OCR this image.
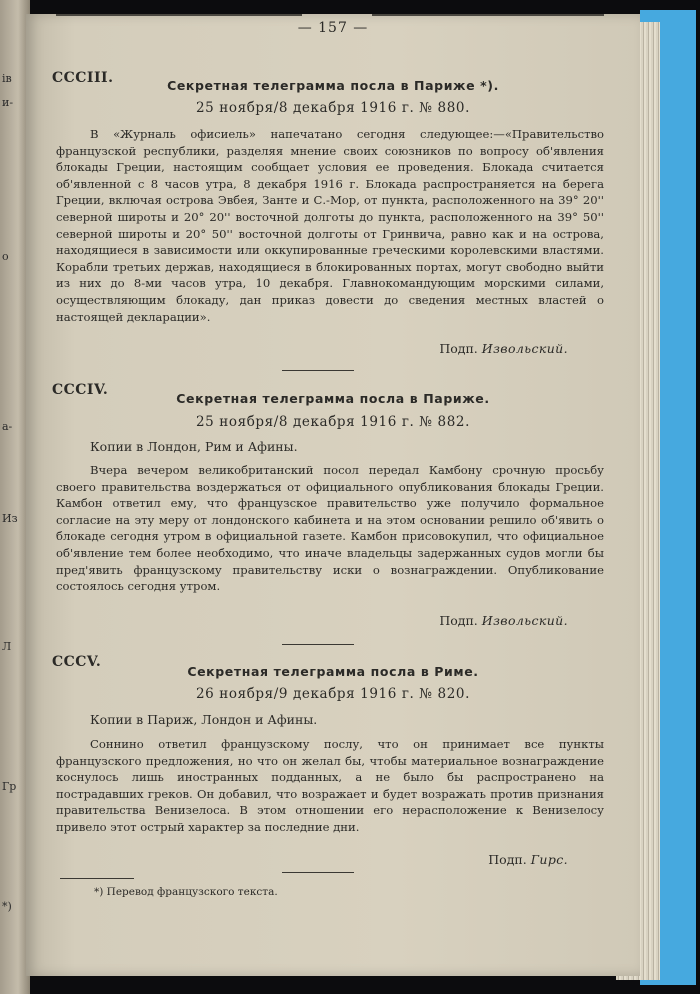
ів
и-
о
а-
Из
Л
Гр
*)
— 157 —
CCCIII.	Секретная телеграмма посла в Париже *).
25 ноября/8 декабря 1916 г. № 880.
В «Журналь офисиель» напечатано сегодня следующее:—«Правительство французской республики, разделяя мнение своих союзников по вопросу об'явления блокады Греции, настоящим сообщает условия ее проведения. Блокада считается об'явленной с 8 часов утра, 8 декабря 1916 г. Блокада распространяется на берега Греции, включая острова Эвбея, Занте и С.-Мор, от пункта, расположенного на 39° 20'' северной широты и 20° 20'' восточной долготы до пункта, расположенного на 39° 50'' северной широты и 20° 50'' восточной долготы от Гринвича, равно как и на острова, находящиеся в зависимости или оккупированные греческими королевскими властями. Корабли третьих держав, находящиеся в блокированных портах, могут свободно выйти из них до 8-ми часов утра, 10 декабря. Главнокомандующим морскими силами, осуществляющим блокаду, дан приказ довести до сведения местных властей о настоящей декларации».
Подп. Извольский.
CCCIV.
Секретная телеграмма посла в Париже.
25 ноября/8 декабря 1916 г. № 882.
Копии в Лондон, Рим и Афины.
Вчера вечером великобританский посол передал Камбону срочную просьбу своего правительства воздержаться от официального опубликования блокады Греции. Камбон ответил ему, что французское правительство уже получило формальное согласие на эту меру от лондонского кабинета и на этом основании решило об'явить о блокаде сегодня утром в официальной газете. Камбон присовокупил, что официальное об'явление тем более необходимо, что иначе владельцы задержанных судов могли бы пред'явить французскому правительству иски о вознаграждении. Опубликование состоялось сегодня утром.
Подп. Извольский.
CCCV.
Секретная телеграмма посла в Риме.
26 ноября/9 декабря 1916 г. № 820.
Копии в Париж, Лондон и Афины.
Соннино ответил французскому послу, что он принимает все пункты французского предложения, но что он желал бы, чтобы материальное вознаграждение коснулось лишь иностранных подданных, а не было бы распространено на пострадавших греков. Он добавил, что возражает и будет возражать против признания правительства Венизелоса. В этом отношении его нерасположение к Венизелосу привело этот острый характер за последние дни.
Подп. Гирс.
*) Перевод французского текста.
